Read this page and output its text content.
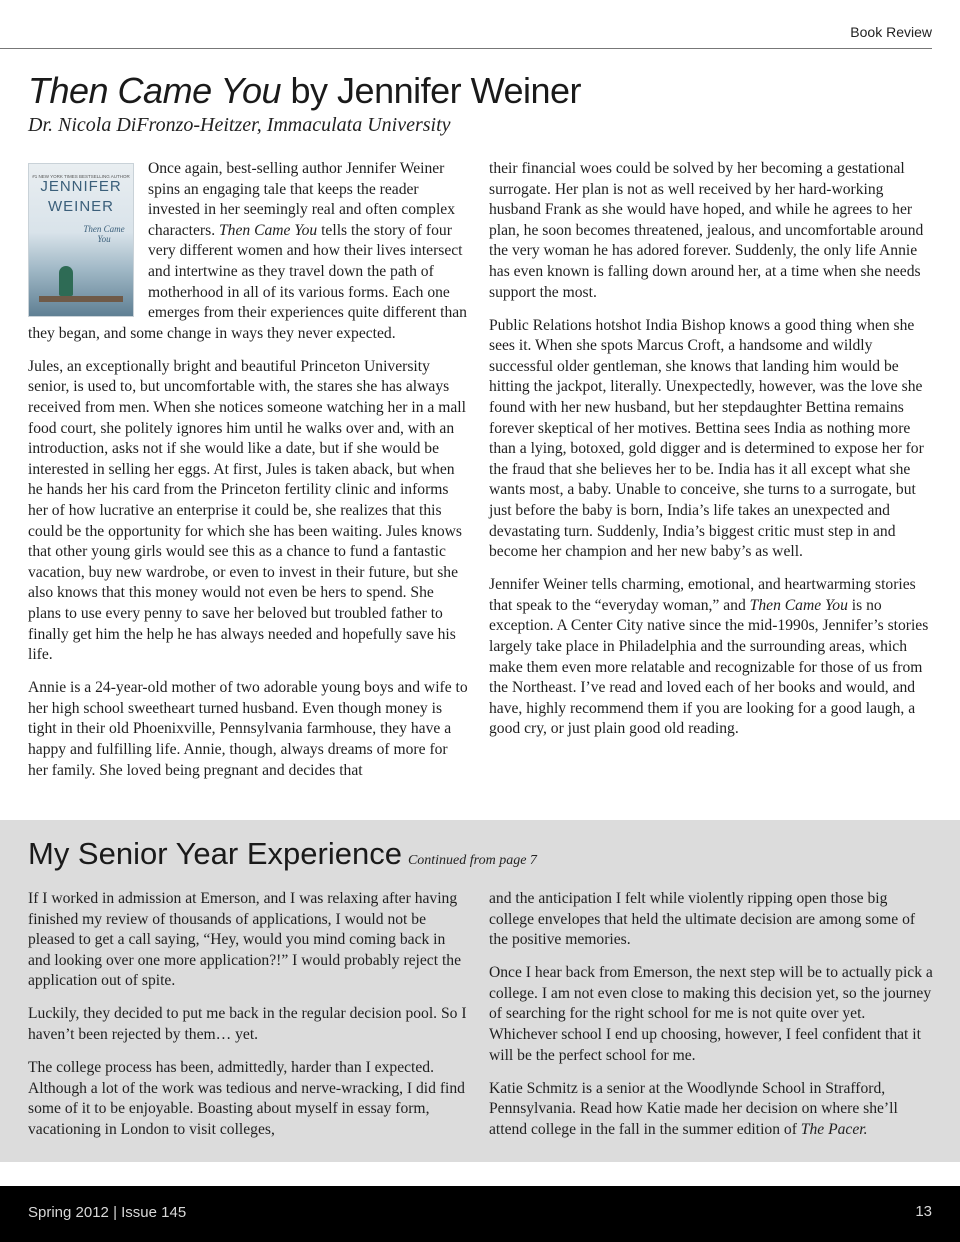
Book Review
Then Came You by Jennifer Weiner
Dr. Nicola DiFronzo-Heitzer, Immaculata University
#1 NEW YORK TIMES BESTSELLING AUTHOR
JENNIFER
WEINER
Then Came You

Once again, best-selling author Jennifer Weiner spins an engaging tale that keeps the reader invested in her seemingly real and often complex characters. Then Came You tells the story of four very different women and how their lives intersect and intertwine as they travel down the path of motherhood in all of its various forms. Each one emerges from their experiences quite different than they began, and some change in ways they never expected.

Jules, an exceptionally bright and beautiful Princeton University senior, is used to, but uncomfortable with, the stares she has always received from men. When she notices someone watching her in a mall food court, she politely ignores him until he walks over and, with an introduction, asks not if she would like a date, but if she would be interested in selling her eggs. At first, Jules is taken aback, but when he hands her his card from the Princeton fertility clinic and informs her of how lucrative an enterprise it could be, she realizes that this could be the opportunity for which she has been waiting. Jules knows that other young girls would see this as a chance to fund a fantastic vacation, buy new wardrobe, or even to invest in their future, but she also knows that this money would not even be hers to spend. She plans to use every penny to save her beloved but troubled father to finally get him the help he has always needed and hopefully save his life.

Annie is a 24-year-old mother of two adorable young boys and wife to her high school sweetheart turned husband. Even though money is tight in their old Phoenixville, Pennsylvania farmhouse, they have a happy and fulfilling life. Annie, though, always dreams of more for her family. She loved being pregnant and decides that

their financial woes could be solved by her becoming a gestational surrogate. Her plan is not as well received by her hard-working husband Frank as she would have hoped, and while he agrees to her plan, he soon becomes threatened, jealous, and uncomfortable around the very woman he has adored forever. Suddenly, the only life Annie has even known is falling down around her, at a time when she needs support the most.

Public Relations hotshot India Bishop knows a good thing when she sees it. When she spots Marcus Croft, a handsome and wildly successful older gentleman, she knows that landing him would be hitting the jackpot, literally. Unexpectedly, however, was the love she found with her new husband, but her stepdaughter Bettina remains forever skeptical of her motives. Bettina sees India as nothing more than a lying, botoxed, gold digger and is determined to expose her for the fraud that she believes her to be. India has it all except what she wants most, a baby. Unable to conceive, she turns to a surrogate, but just before the baby is born, India’s life takes an unexpected and devastating turn. Suddenly, India’s biggest critic must step in and become her champion and her new baby’s as well.

Jennifer Weiner tells charming, emotional, and heartwarming stories that speak to the “everyday woman,” and Then Came You is no exception. A Center City native since the mid-1990s, Jennifer’s stories largely take place in Philadelphia and the surrounding areas, which make them even more relatable and recognizable for those of us from the Northeast. I’ve read and loved each of her books and would, and have, highly recommend them if you are looking for a good laugh, a good cry, or just plain good old reading.

My Senior Year Experience Continued from page 7

If I worked in admission at Emerson, and I was relaxing after having finished my review of thousands of applications, I would not be pleased to get a call saying, “Hey, would you mind coming back in and looking over one more application?!” I would probably reject the application out of spite.

Luckily, they decided to put me back in the regular decision pool. So I haven’t been rejected by them… yet.

The college process has been, admittedly, harder than I expected. Although a lot of the work was tedious and nerve-wracking, I did find some of it to be enjoyable. Boasting about myself in essay form, vacationing in London to visit colleges,

and the anticipation I felt while violently ripping open those big college envelopes that held the ultimate decision are among some of the positive memories.

Once I hear back from Emerson, the next step will be to actually pick a college. I am not even close to making this decision yet, so the journey of searching for the right school for me is not quite over yet. Whichever school I end up choosing, however, I feel confident that it will be the perfect school for me.

Katie Schmitz is a senior at the Woodlynde School in Strafford, Pennsylvania. Read how Katie made her decision on where she’ll attend college in the fall in the summer edition of The Pacer.

Spring 2012 | Issue 145	13
